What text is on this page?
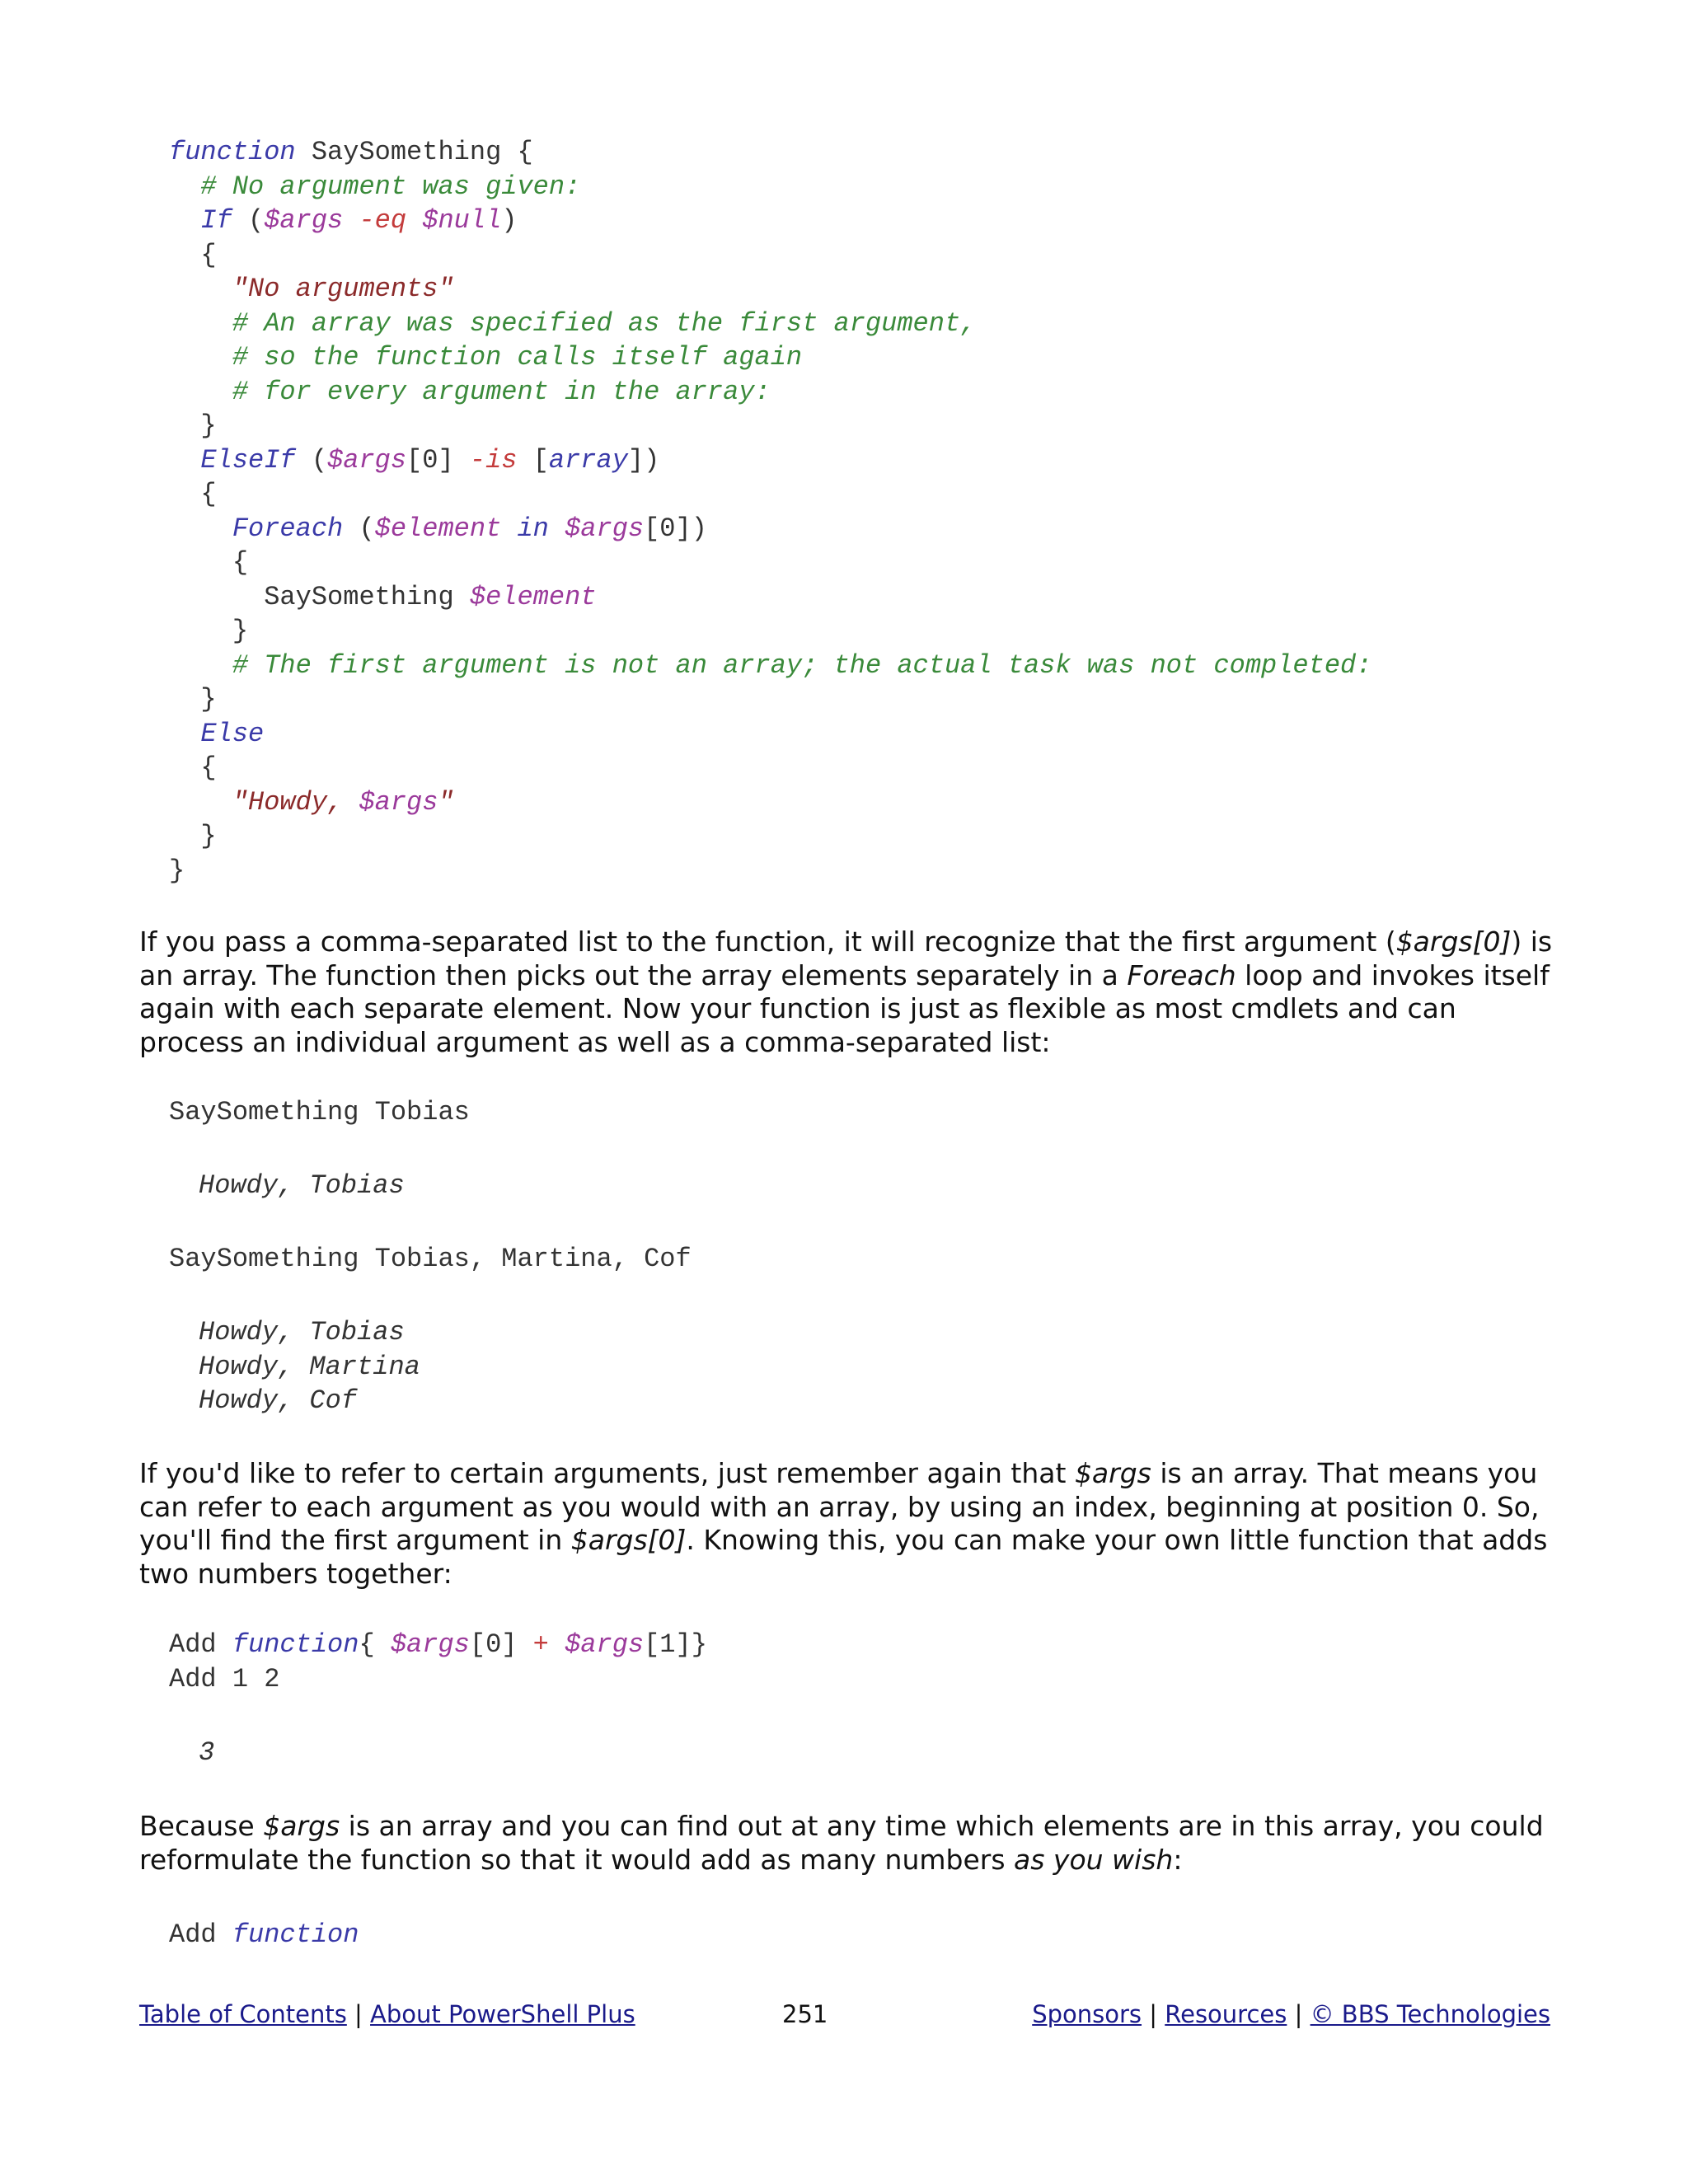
function SaySomething {
# No argument was given:
If ($args -eq $null)
{
"No arguments"
# An array was specified as the first argument,
# so the function calls itself again
# for every argument in the array:
}
ElseIf ($args[0] -is [array])
{
Foreach ($element in $args[0])
{
SaySomething $element
}
# The first argument is not an array; the actual task was not completed:
}
Else
{
"Howdy, $args"
}
}

If you pass a comma-separated list to the function, it will recognize that the first argument ($args[0]) is an array. The function then picks out the array elements separately in a Foreach loop and invokes itself again with each separate element. Now your function is just as flexible as most cmdlets and can process an individual argument as well as a comma-separated list:

SaySomething Tobias
Howdy, Tobias
SaySomething Tobias, Martina, Cof
Howdy, Tobias
Howdy, Martina
Howdy, Cof

If you'd like to refer to certain arguments, just remember again that $args is an array. That means you can refer to each argument as you would with an array, by using an index, beginning at position 0. So, you'll find the first argument in $args[0]. Knowing this, you can make your own little function that adds two numbers together:

Add function{ $args[0] + $args[1]}
Add 1 2
3

Because $args is an array and you can find out at any time which elements are in this array, you could reformulate the function so that it would add as many numbers as you wish:

Add function
Table of Contents | About PowerShell Plus	251	Sponsors | Resources | © BBS Technologies
